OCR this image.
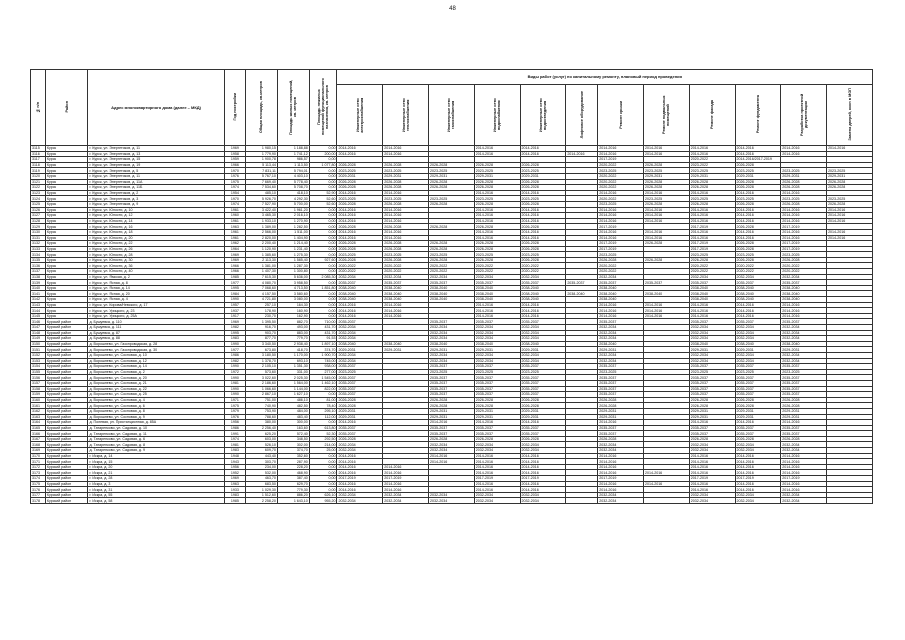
48
№ п/п	Район	Адрес многоквартирного дома (далее – МКД)	Год постройки	Общая площадь, кв.метров	Площадь жилых помещений, кв. метров	Площадь нежилых помещений функционального назначения, кв. метров	Виды работ (услуг) по капитальному ремонту, плановый период проведения											
							Инженерные сети электроснабжения	Инженерные сети теплоснабжения	Инженерные сети газоснабжения	Инженерные сети водоснабжения	Инженерные сети водоотведения	Лифтовое оборудование	Ремонт крыши	Ремонт подвальных помещений	Ремонт фасада	Ремонт фундамента	Разработка проектной документации	Замена дверей, окон в МОП
3115	Курск	г. Курск, ул. Энергетиков, д. 11	1969	1 980,15	1 188,88	0,00	2014-2016	2014-2016		2014-2016	2014-2016		2014-2016	2014-2016	2014-2016	2014-2016	2014-2016	2014-2016
3116	Курск	г. Курск, ул. Энергетиков, д. 13	1958	1 779,90	1 741,12	200,00	2014-2016	2014-2016		2014-2016	2014-2016	2014-2016	2014-2016	2014-2016	2014-2016	2014-2016	2014-2016	
3117	Курск	г. Курск, ул. Энергетиков, д. 15	1959	1 900,78	986,57	0,00							2017-2019		2020-2022	2014-2016/2017-2019		
3118	Курск	г. Курск, ул. Энергетиков, д. 19	1966	5 113,44	1 113,50	1 077,80	2026-2028	2026-2028	2026-2028	2026-2028	2026-2028		2020-2022	2026-2028	2023-2022	2026-2028		
3119	Курск	г. Курск, ул. Энергетиков, д. 5	1970	7 831,11	5 794,01	0,00	2023-2025	2023-2025	2023-2025	2023-2025	2023-2025		2023-2025	2023-2025	2023-2025	2023-2025	2023-2025	2023-2025
3120	Курск	г. Курск, ул. Энергетиков, д. 11	1976	5 767,10	4 403,10	0,00	2029-2031	2029-2031	2029-2031	2029-2031	2029-2031		2020-2022	2029-2031	2029-2031	2029-2031	2029-2031	2029-2031
3121	Курск	г. Курск, ул. Энергетиков, д. 11А	1975	7 669,40	5 778,40	0,00	2026-2028	2026-2028	2026-2028	2026-2028	2026-2028		2020-2022	2026-2028	2026-2028	2026-2028	2026-2028	2026-2028
3122	Курск	г. Курск, ул. Энергетиков, д. 11Б	1974	7 534,60	5 708,70	0,00	2026-2028	2026-2028	2026-2028	2026-2028	2026-2028		2020-2022	2026-2028	2026-2028	2026-2028	2026-2028	2026-2028
3123	Курск	г. Курск, ул. Энергетиков, д. 2	1954	485,10	418,10	52,90	2014-2016	2014-2016		2014-2016	2014-2016		2014-2016	2014-2016	2014-2016	2014-2016	2014-2016	
3124	Курск	г. Курск, ул. Энергетиков, д. 3	1970	5 926,70	4 292,30	52,60	2023-2025	2023-2025	2023-2025	2023-2025	2023-2025		2020-2022	2023-2025	2023-2025	2023-2025	2023-2025	2023-2025
3125	Курск	г. Курск, ул. Энергетиков, д. 9	1974	7 527,90	5 700,00	52,60	2026-2028	2026-2028	2026-2028	2026-2028	2026-2028		2023-2025	2026-2028	2026-2028	2026-2028	2026-2028	2026-2028
3126	Курск	г. Курск, ул. Юности, д. 10	1961	3 422,40	1 961,20	0,00	2014-2016	2014-2016		2014-2016	2014-2016		2014-2016	2014-2016	2014-2016	2014-2016	2014-2016	2014-2016
3127	Курск	г. Курск, ул. Юности, д. 12	1960	3 465,30	2 016,10	0,00	2014-2016	2014-2016		2014-2016	2014-2016		2014-2016	2014-2016	2014-2016	2014-2016	2014-2016	2014-2016
3128	Курск	г. Курск, ул. Юности, д. 14	1961	1 933,10	1 270,90	0,00	2014-2016	2014-2016		2014-2016	2014-2016		2014-2016	2014-2016	2014-2016	2014-2016	2014-2016	2014-2016
3129	Курск	г. Курск, ул. Юности, д. 16	1963	1 389,00	1 282,50	0,00	2026-2028	2026-2028	2026-2028	2026-2028	2026-2028		2017-2019		2017-2019	2026-2028	2017-2019	
3130	Курск	г. Курск, ул. Юности, д. 18	1961	2 566,00	1 511,00	0,00	2014-2016	2014-2016		2014-2016	2014-2016		2014-2016	2014-2016	2014-2016	2014-2016	2014-2016	2014-2016
3131	Курск	г. Курск, ул. Юности, д. 20	1961	2 820,00	1 404,90	0,00	2014-2016	2014-2016		2014-2016	2014-2016		2014-2016	2014-2016	2014-2016	2014-2016	2014-2016	2014-2016
3132	Курск	г. Курск, ул. Юности, д. 22	1962	2 200,40	1 214,40	0,00	2026-2028	2026-2028	2026-2028	2026-2028	2026-2028		2017-2019	2026-2028	2017-2019	2026-2028	2017-2019	
3133	Курск	г. Курск, ул. Юности, д. 26	1964	1 120,90	1 231,40	0,00	2026-2028	2026-2028	2026-2028	2026-2028	2026-2028		2017-2019		2017-2019	2026-2028	2017-2019	
3134	Курск	г. Курск, ул. Юности, д. 28	1969	1 385,60	1 275,30	0,00	2023-2025	2023-2025	2023-2025	2023-2025	2023-2025		2023-2025		2023-2025	2023-2025	2023-2025	
3135	Курск	г. Курск, ул. Юности, д. 30	1969	2 113,30	1 585,40	927,60	2026-2028	2026-2028	2026-2028	2026-2028	2026-2028		2026-2028	2026-2028	2026-2028	2026-2028	2026-2028	
3136	Курск	г. Курск, ул. Юности, д. 36	1966	1 381,00	1 287,30	0,00	2020-2022	2020-2022	2020-2022	2020-2022	2020-2022		2020-2022		2020-2022	2020-2022	2020-2022	
3137	Курск	г. Курск, ул. Юности, д. 40	1966	1 407,30	1 300,80	0,00	2020-2022	2020-2022	2020-2022	2020-2022	2020-2022		2020-2022		2020-2022	2020-2022	2020-2022	
3138	Курск	г. Курск, ул. Ямская, д. 2	1985	7 615,30	5 636,00	2 085,30	2032-2034	2032-2034	2032-2034	2032-2034	2032-2034		2032-2034		2032-2034	2032-2034	2032-2034	
3139	Курск	г. Курск, ул. Ясная, д. 8	1977	4 080,70	3 958,50	0,00	2035-2037	2035-2037	2035-2037	2035-2037	2035-2037	2035-2037	2035-2037	2035-2037	2035-2037	2035-2037	2035-2037	
3140	Курск	г. Курск, ул. Ясная, д. 14	1995	7 068,60	4 713,50	1 851,80	2038-2040	2038-2040	2038-2040	2038-2040	2038-2040		2038-2040		2038-2040	2038-2040	2038-2040	
3141	Курск	г. Курск, ул. Ясная, д. 20	1984	4 157,50	3 580,60	0,00	2038-2040	2038-2040	2038-2040	2038-2040	2038-2040	2038-2040	2038-2040	2038-2040	2038-2040	2038-2040	2038-2040	
3142	Курск	г. Курск, ул. Ясная, д. 4	1990	4 721,80	3 080,00	0,00	2038-2040	2038-2040	2038-2040	2038-2040	2038-2040		2038-2040		2038-2040	2038-2040	2038-2040	
3143	Курск	г. Курск, ул. Кирова/Невского, д. 17	1957	257,10	164,30	0,00	2014-2016	2014-2016		2014-2016	2014-2016		2014-2016	2014-2016	2014-2016	2014-2016	2014-2016	
3144	Курск	г. Курск, ул. Урицкого, д. 23	1937	178,90	160,90	0,00	2014-2016	2014-2016		2014-2016	2014-2016		2014-2016	2014-2016	2014-2016	2014-2016	2014-2016	
3145	Курск	г. Курск, ул. Урицкого, д. 25А	1917	230,70	162,90	0,00	2014-2016	2014-2016		2014-2016	2014-2016		2014-2016	2014-2016	2014-2016	2014-2016	2014-2016	
3146	Курский район	д. Бушуевка, д. 110	1969	1 395,50	882,70	710,00	2035-2037		2035-2037	2035-2037	2035-2037		2035-2037		2035-2037	2035-2037	2035-2037	
3147	Курский район	д. Бушуевка, д. 111	1982	916,70	493,00	431,70	2032-2034		2032-2034	2032-2034	2032-2034		2032-2034		2032-2034	2032-2034	2032-2034	
3148	Курский район	д. Бушуевка, д. 87	1995	903,70	883,00	431,70	2032-2034		2032-2034	2032-2034	2032-2034		2032-2034		2032-2034	2032-2034	2032-2034	
3149	Курский район	д. Бушуевка, д. 88	1983	877,70	779,70	91,53	2032-2034		2032-2034	2032-2034	2032-2034		2032-2034		2032-2034	2032-2034	2032-2034	
3150	Курский район	д. Ворошнево, ул. Газопроводская, д. 28	1990	3 340,50	2 938,40	1 897,10	2038-2040	2038-2040	2038-2040	2038-2040	2038-2040		2038-2040		2038-2040	2038-2040	2038-2040	
3151	Курский район	д. Ворошнево, ул. Газопроводская, д. 30	1977	673,80	418,70	374,70	2029-2031	2029-2031	2029-2031	2029-2031	2029-2031		2029-2031		2029-2031	2029-2031	2029-2031	
3152	Курский район	д. Ворошнево, ул. Сосновая, д. 10	1986	3 180,50	1 170,00	1 900,70	2032-2034		2032-2034	2032-2034	2032-2034		2032-2034		2032-2034	2032-2034	2032-2034	
3153	Курский район	д. Ворошнево, ул. Сосновая, д. 12	1982	1 378,70	693,10	745,00	2032-2034		2032-2034	2032-2034	2032-2034		2032-2034		2032-2034	2032-2034	2032-2034	
3154	Курский район	д. Ворошнево, ул. Сосновая, д. 14	1990	2 105,10	1 351,30	938,00	2035-2037		2035-2037	2035-2037	2035-2037		2035-2037		2035-2037	2035-2037	2035-2037	
3155	Курский район	д. Ворошнево, ул. Сосновая, д. 2	1972	573,60	331,00	277,00	2023-2025		2023-2025	2023-2025	2023-2025		2023-2025		2023-2025	2023-2025	2023-2025	
3156	Курский район	д. Ворошнево, ул. Сосновая, д. 20	1990	3 022,60	2 025,30	1 545,00	2035-2037		2035-2037	2035-2037	2035-2037		2035-2037		2035-2037	2035-2037	2035-2037	
3157	Курский район	д. Ворошнево, ул. Сосновая, д. 21	1981	2 186,60	1 564,00	1 462,10	2035-2037		2035-2037	2035-2037	2035-2037		2035-2037		2035-2037	2035-2037	2035-2037	
3158	Курский район	д. Ворошнево, ул. Сосновая, д. 22	1990	1 066,60	1 144,00	822,00	2035-2037		2035-2037	2035-2037	2035-2037		2035-2037		2035-2037	2035-2037	2035-2037	
3159	Курский район	д. Ворошнево, ул. Сосновая, д. 25	1990	2 867,10	1 627,10	0,00	2035-2037		2035-2037	2035-2037	2035-2037		2035-2037		2035-2037	2035-2037	2035-2037	
3160	Курский район	д. Ворошнево, ул. Сосновая, д. 4	1971	751,00	486,10	81,00	2026-2028		2026-2028	2026-2028	2026-2028		2026-2028		2026-2028	2026-2028	2026-2028	
3161	Курский район	д. Ворошнево, ул. Сосновая, д. 6	1975	740,90	482,50	78,40	2026-2028		2026-2028	2026-2028	2026-2028		2026-2028		2026-2028	2026-2028	2026-2028	
3162	Курский район	д. Ворошнево, ул. Сосновая, д. 8	1979	753,90	484,00	295,10	2029-2031		2029-2031	2029-2031	2029-2031		2029-2031		2029-2031	2029-2031	2029-2031	
3163	Курский район	д. Ворошнево, ул. Сосновая, д. 9	1976	788,60	483,40	112,00	2029-2031		2029-2031	2029-2031	2029-2031		2029-2031		2029-2031	2029-2031	2029-2031	
3164	Курский район	д. Полевая, ул. Пристанционная, д. 85А	1956	380,00	300,00	0,00	2014-2016		2014-2016	2014-2016	2014-2016		2014-2016		2014-2016	2014-2016	2014-2016	
3165	Курский район	д. Татаренково, ул. Садовая, д. 10	1986	2 256,40	163,60	613,80	2035-2037		2035-2037	2035-2037	2035-2037		2035-2037		2035-2037	2035-2037	2035-2037	
3166	Курский район	д. Татаренково, ул. Садовая, д. 11	1991	625,20	572,40	52,30	2035-2037		2035-2037	2035-2037	2035-2037		2035-2037		2035-2037	2035-2037	2035-2037	
3167	Курский район	д. Татаренково, ул. Садовая, д. 6	1974	603,00	348,50	292,50	2026-2028		2026-2028	2026-2028	2026-2028		2026-2028		2026-2028	2026-2028	2026-2028	
3168	Курский район	д. Татаренково, ул. Садовая, д. 8	1981	526,10	302,00	214,00	2032-2034		2032-2034	2032-2034	2032-2034		2032-2034		2032-2034	2032-2034	2032-2034	
3169	Курский район	д. Татаренково, ул. Садовая, д. 9	1983	609,70	374,70	25,00	2032-2034		2032-2034	2032-2034	2032-2034		2032-2034		2032-2034	2032-2034	2032-2034	
3170	Курский район	г. Искра, д. 14	1948	443,40	352,60	0,00	2014-2016		2014-2016	2014-2016	2014-2016		2014-2016		2014-2016	2014-2016	2014-2016	
3171	Курский район	г. Искра, д. 15	1943	303,70	287,90	0,00	2014-2016		2014-2016	2014-2016	2014-2016		2014-2016		2014-2016	2014-2016	2014-2016	
3172	Курский район	г. Искра, д. 20	1956	234,00	228,20	0,00	2014-2016	2014-2016		2014-2016	2014-2016		2014-2016		2014-2016	2014-2016	2014-2016	
3173	Курский район	г. Искра, д. 21	1952	532,00	468,90	0,00	2014-2016	2014-2016		2014-2016	2014-2016		2014-2016	2014-2016	2014-2016	2014-2016	2014-2016	
3174	Курский район	г. Искра, д. 28	1969	463,70	387,40	0,00	2017-2019	2017-2019		2017-2019	2017-2019		2017-2019		2017-2019	2017-2019	2017-2019	
3175	Курский район	г. Искра, д. 3	1963	683,50	629,70	0,00	2014-2016	2014-2016		2014-2016	2014-2016		2014-2016	2014-2016	2014-2016	2014-2016	2014-2016	
3176	Курский район	г. Искра, д. 31	1933	1 029,30	779,30	0,00	2014-2016	2014-2016		2014-2016	2014-2016		2014-2016		2014-2016	2014-2016	2014-2016	
3177	Курский район	г. Искра, д. 55	1983	1 512,60	886,20	626,10	2032-2034	2032-2034	2032-2034	2032-2034	2032-2034		2032-2034		2032-2034	2032-2034	2032-2034	
3178	Курский район	г. Искра, д. 58	1985	2 258,20	1 643,10	955,20	2032-2034	2032-2034	2032-2034	2032-2034	2032-2034		2032-2034		2032-2034	2032-2034	2032-2034	
